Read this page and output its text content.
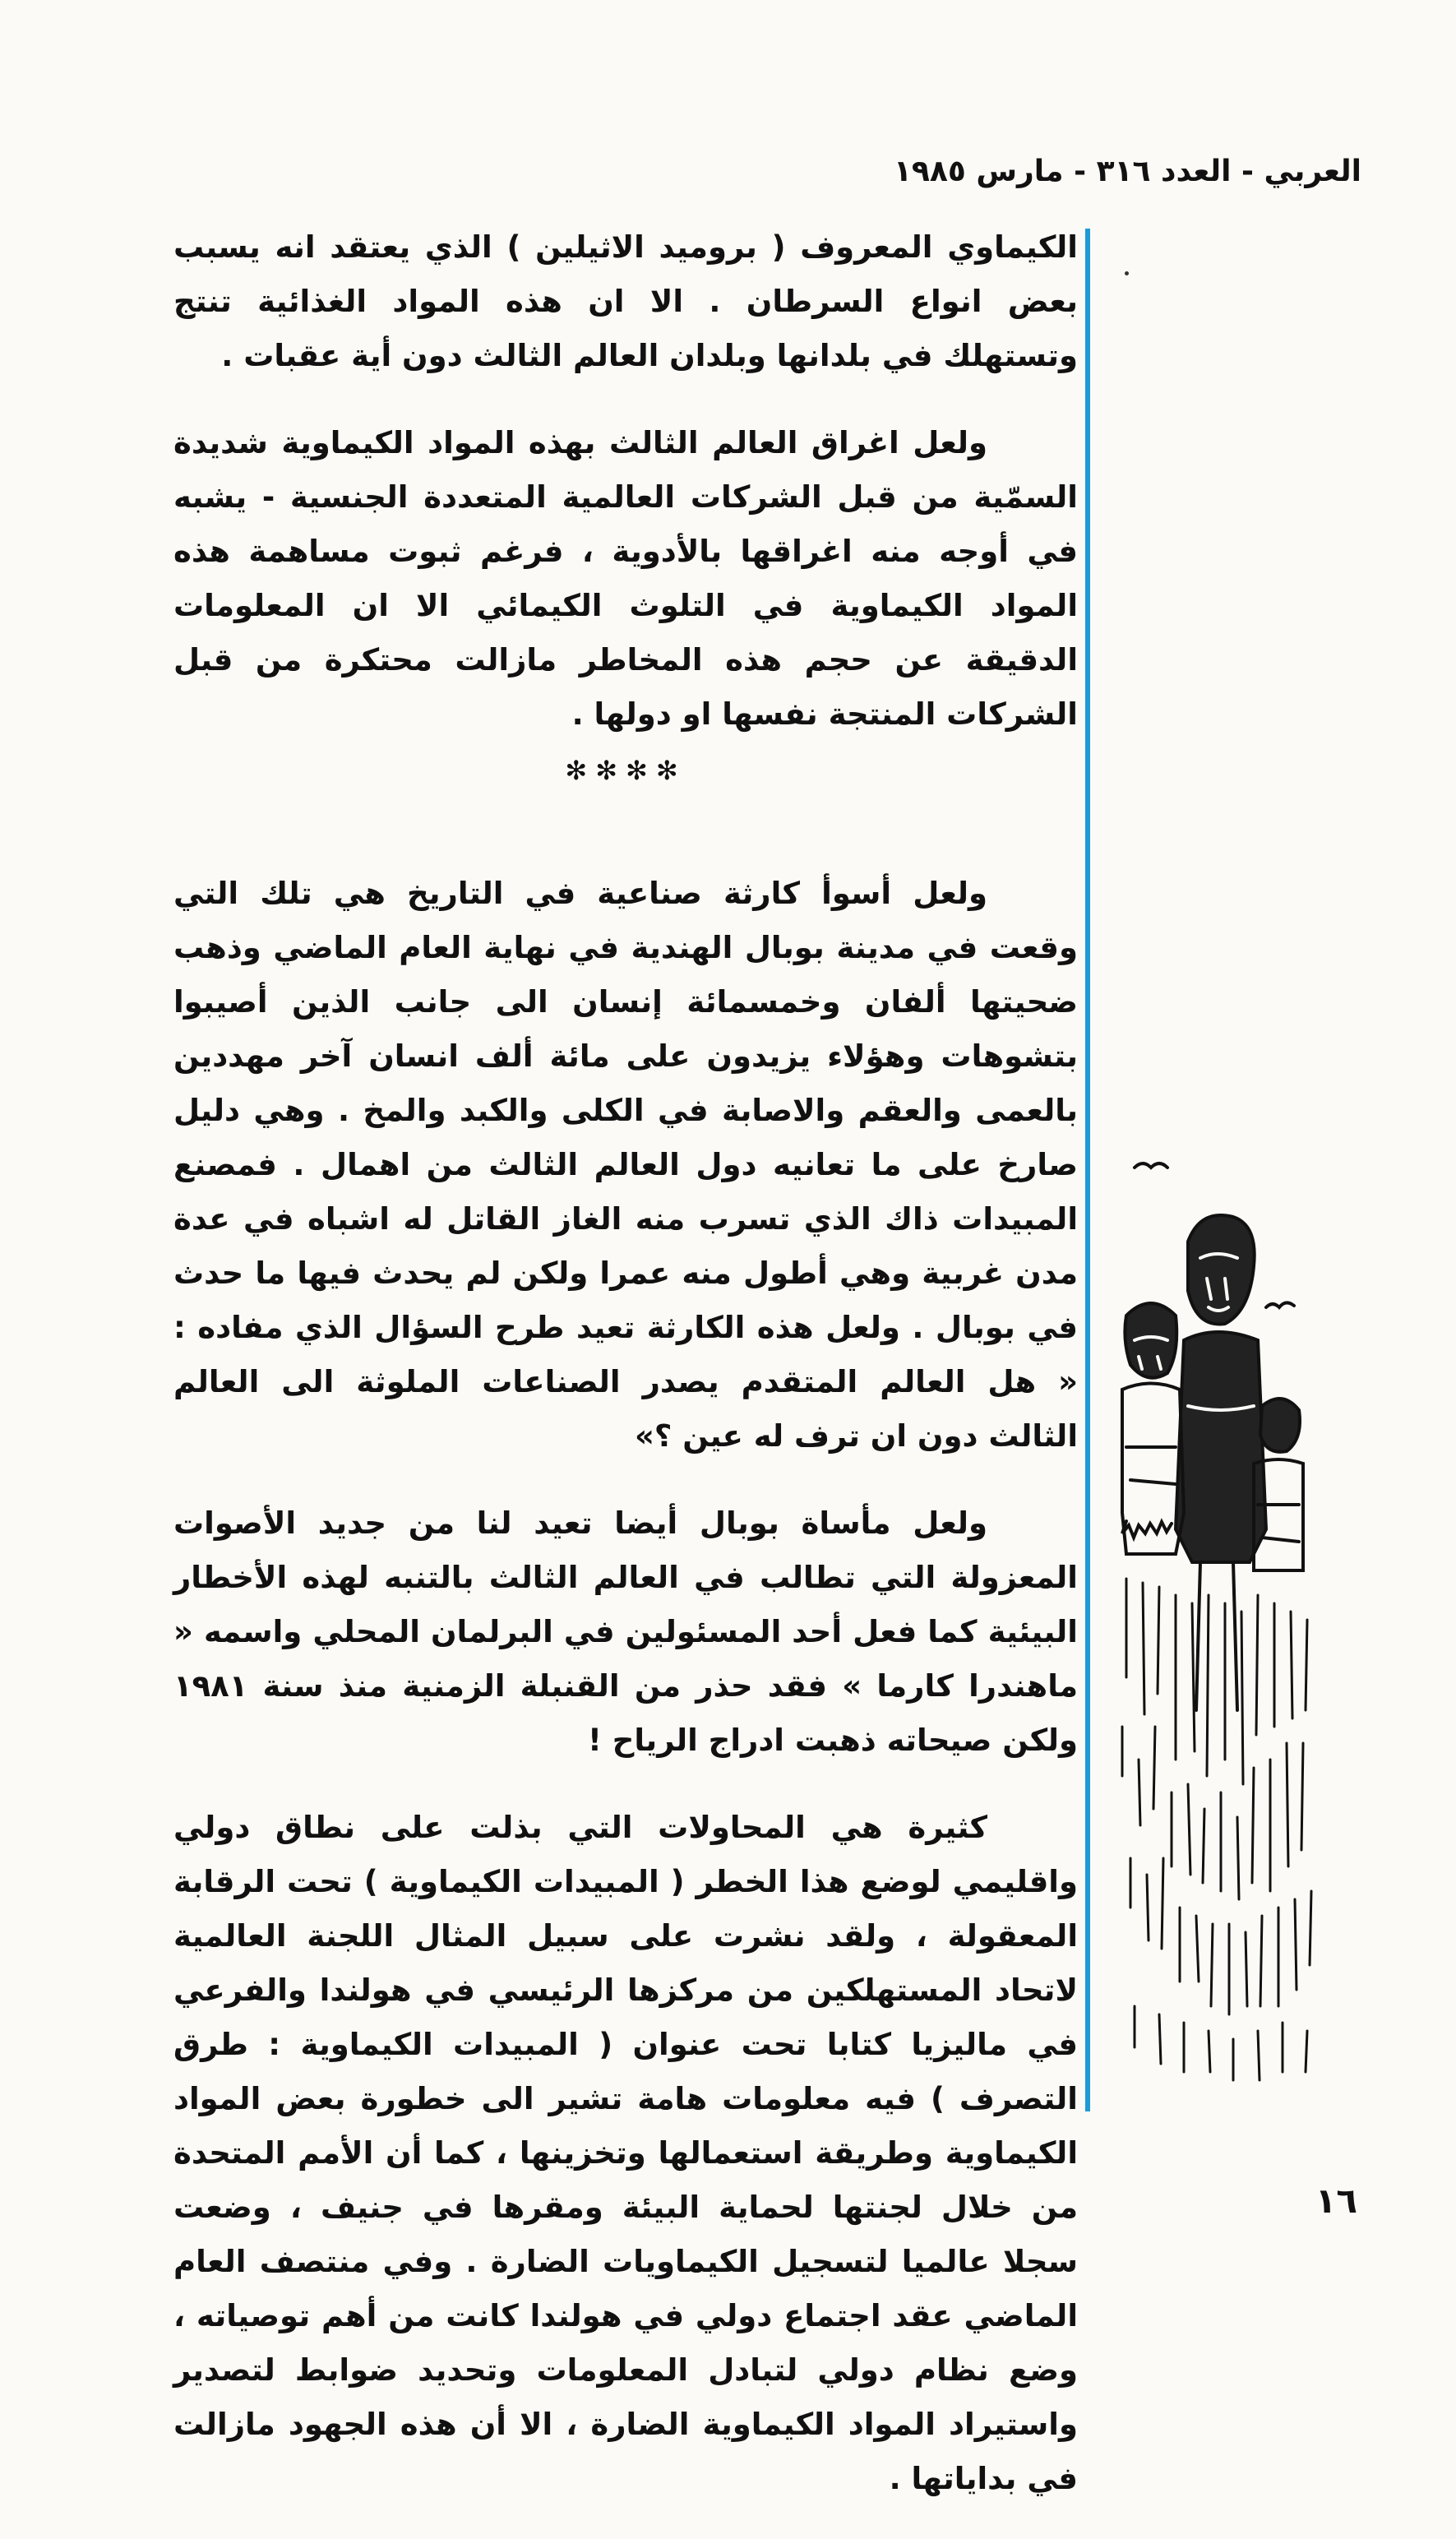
العربي - العدد ٣١٦ - مارس ١٩٨٥

الكيماوي المعروف ( بروميد الاثيلين ) الذي يعتقد انه يسبب بعض انواع السرطان . الا ان هذه المواد الغذائية تنتج وتستهلك في بلدانها وبلدان العالم الثالث دون أية عقبات .

ولعل اغراق العالم الثالث بهذه المواد الكيماوية شديدة السمّية من قبل الشركات العالمية المتعددة الجنسية - يشبه في أوجه منه اغراقها بالأدوية ، فرغم ثبوت مساهمة هذه المواد الكيماوية في التلوث الكيمائي الا ان المعلومات الدقيقة عن حجم هذه المخاطر مازالت محتكرة من قبل الشركات المنتجة نفسها او دولها .

✻✻✻✻

ولعل أسوأ كارثة صناعية في التاريخ هي تلك التي وقعت في مدينة بوبال الهندية في نهاية العام الماضي وذهب ضحيتها ألفان وخمسمائة إنسان الى جانب الذين أصيبوا بتشوهات وهؤلاء يزيدون على مائة ألف انسان آخر مهددين بالعمى والعقم والاصابة في الكلى والكبد والمخ . وهي دليل صارخ على ما تعانيه دول العالم الثالث من اهمال . فمصنع المبيدات ذاك الذي تسرب منه الغاز القاتل له اشباه في عدة مدن غربية وهي أطول منه عمرا ولكن لم يحدث فيها ما حدث في بوبال . ولعل هذه الكارثة تعيد طرح السؤال الذي مفاده : « هل العالم المتقدم يصدر الصناعات الملوثة الى العالم الثالث دون ان ترف له عين ؟»

ولعل مأساة بوبال أيضا تعيد لنا من جديد الأصوات المعزولة التي تطالب في العالم الثالث بالتنبه لهذه الأخطار البيئية كما فعل أحد المسئولين في البرلمان المحلي واسمه « ماهندرا كارما » فقد حذر من القنبلة الزمنية منذ سنة ١٩٨١ ولكن صيحاته ذهبت ادراج الرياح !

كثيرة هي المحاولات التي بذلت على نطاق دولي واقليمي لوضع هذا الخطر ( المبيدات الكيماوية ) تحت الرقابة المعقولة ، ولقد نشرت على سبيل المثال اللجنة العالمية لاتحاد المستهلكين من مركزها الرئيسي في هولندا والفرعي في ماليزيا كتابا تحت عنوان ( المبيدات الكيماوية : طرق التصرف ) فيه معلومات هامة تشير الى خطورة بعض المواد الكيماوية وطريقة استعمالها وتخزينها ، كما أن الأمم المتحدة من خلال لجنتها لحماية البيئة ومقرها في جنيف ، وضعت سجلا عالميا لتسجيل الكيماويات الضارة . وفي منتصف العام الماضي عقد اجتماع دولي في هولندا كانت من أهم توصياته ، وضع نظام دولي لتبادل المعلومات وتحديد ضوابط لتصدير واستيراد المواد الكيماوية الضارة ، الا أن هذه الجهود مازالت في بداياتها .

١٦
